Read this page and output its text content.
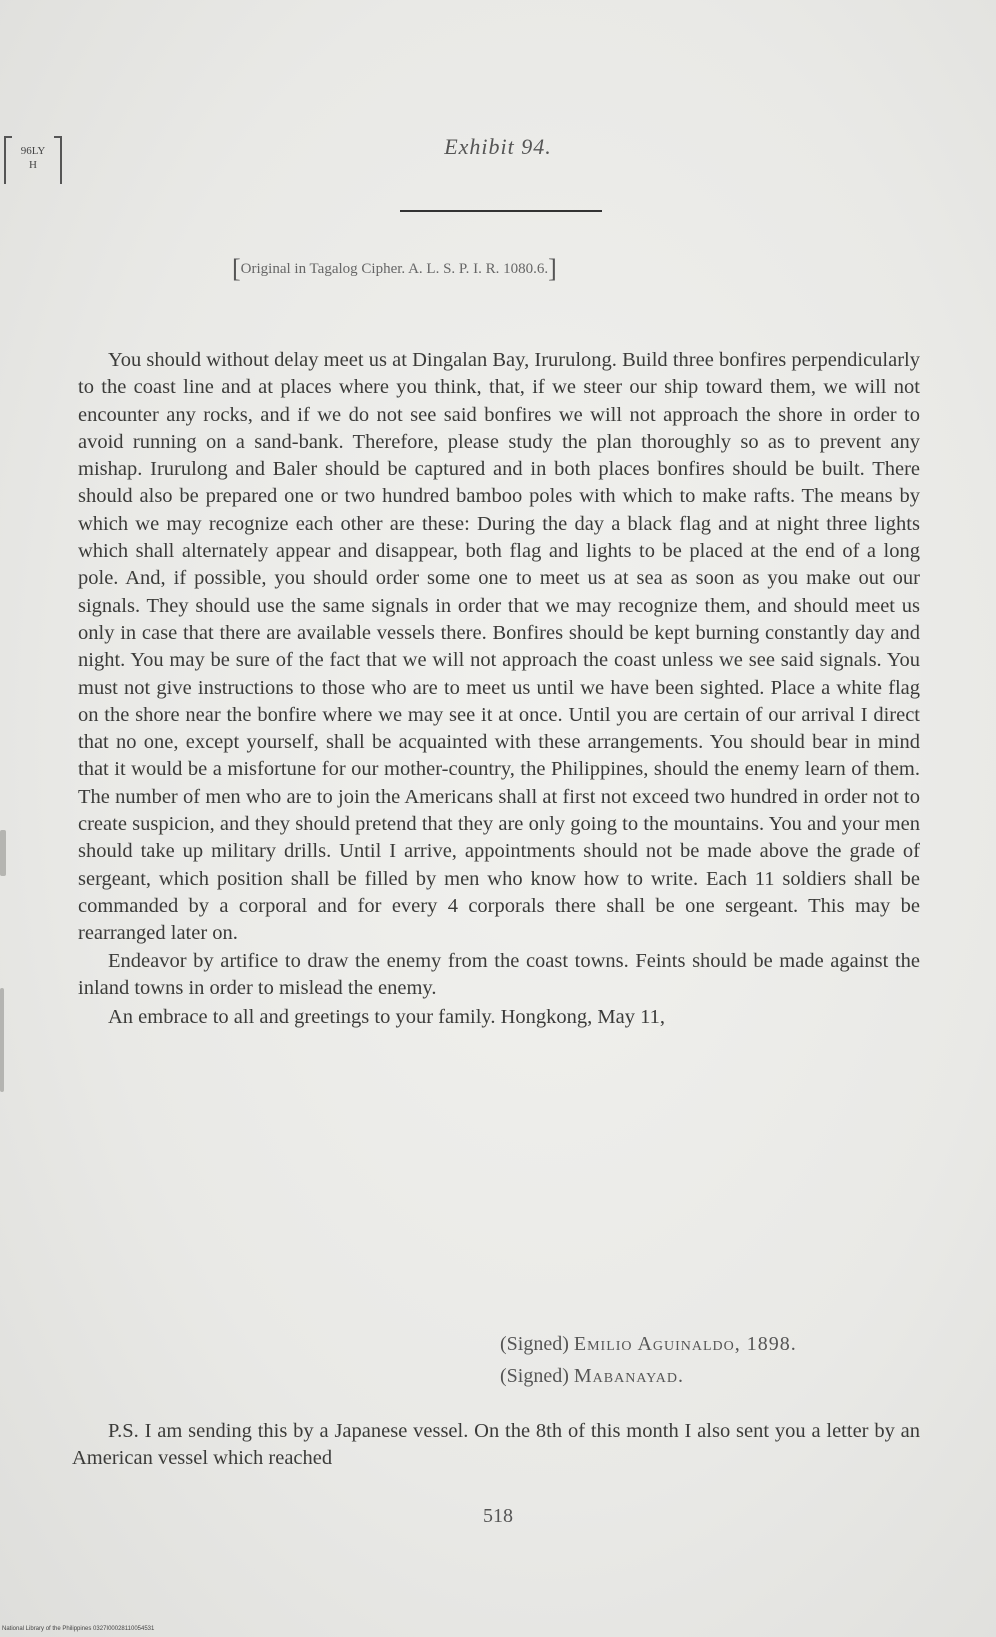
96LY
H
Exhibit 94.
[Original in Tagalog Cipher. A. L. S. P. I. R. 1080.6.]

You should without delay meet us at Dingalan Bay, Irurulong. Build three bonfires perpendicularly to the coast line and at places where you think, that, if we steer our ship toward them, we will not encounter any rocks, and if we do not see said bonfires we will not approach the shore in order to avoid running on a sand-bank. Therefore, please study the plan thoroughly so as to prevent any mishap. Irurulong and Baler should be captured and in both places bonfires should be built. There should also be prepared one or two hundred bamboo poles with which to make rafts. The means by which we may recognize each other are these: During the day a black flag and at night three lights which shall alternately appear and disappear, both flag and lights to be placed at the end of a long pole. And, if possible, you should order some one to meet us at sea as soon as you make out our signals. They should use the same signals in order that we may recognize them, and should meet us only in case that there are available vessels there. Bonfires should be kept burning constantly day and night. You may be sure of the fact that we will not approach the coast unless we see said signals. You must not give instructions to those who are to meet us until we have been sighted. Place a white flag on the shore near the bonfire where we may see it at once. Until you are certain of our arrival I direct that no one, except yourself, shall be acquainted with these arrangements. You should bear in mind that it would be a misfortune for our mother-country, the Philippines, should the enemy learn of them. The number of men who are to join the Americans shall at first not exceed two hundred in order not to create suspicion, and they should pretend that they are only going to the mountains. You and your men should take up military drills. Until I arrive, appointments should not be made above the grade of sergeant, which position shall be filled by men who know how to write. Each 11 soldiers shall be commanded by a corporal and for every 4 corporals there shall be one sergeant. This may be rearranged later on.

Endeavor by artifice to draw the enemy from the coast towns. Feints should be made against the inland towns in order to mislead the enemy.

An embrace to all and greetings to your family. Hongkong, May 11,

(Signed) Emilio Aguinaldo, 1898.
(Signed) Mabanayad.
P.S. I am sending this by a Japanese vessel. On the 8th of this month I also sent you a letter by an American vessel which reached
518
National Library of the Philippines 0327I00028110054531
